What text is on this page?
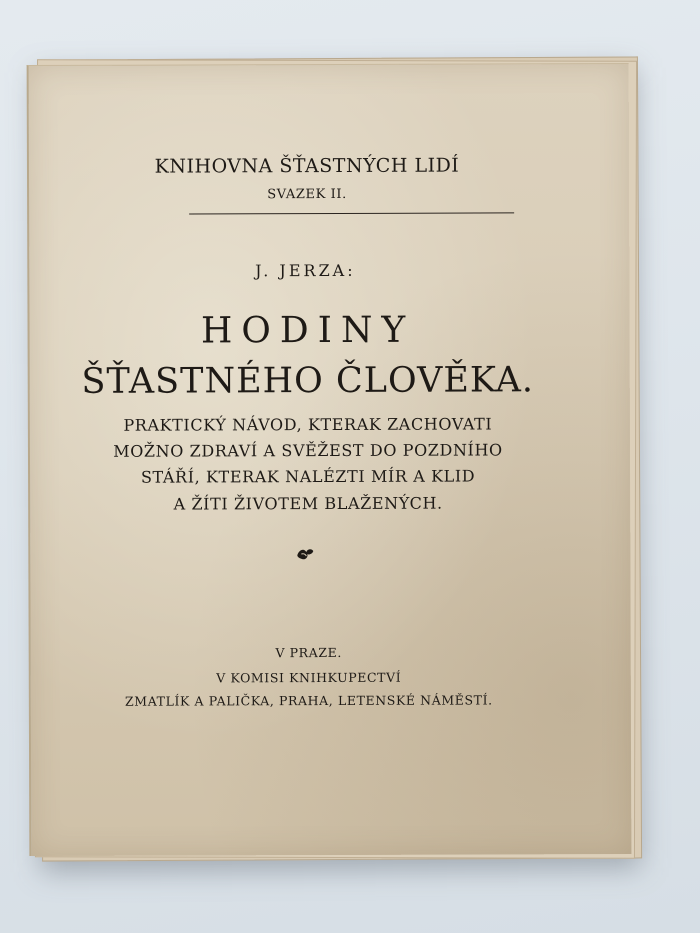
KNIHOVNA ŠŤASTNÝCH LIDÍ
SVAZEK II.
J. JERZA:
HODINY
ŠŤASTNÉHO ČLOVĚKA.
PRAKTICKÝ NÁVOD, KTERAK ZACHOVATI
MOŽNO ZDRAVÍ A SVĚŽEST DO POZDNÍHO
STÁŘÍ, KTERAK NALÉZTI MÍR A KLID
A ŽÍTI ŽIVOTEM BLAŽENÝCH.
V PRAZE.
V KOMISI KNIHKUPECTVÍ
ZMATLÍK A PALIČKA, PRAHA, LETENSKÉ NÁMĚSTÍ.
